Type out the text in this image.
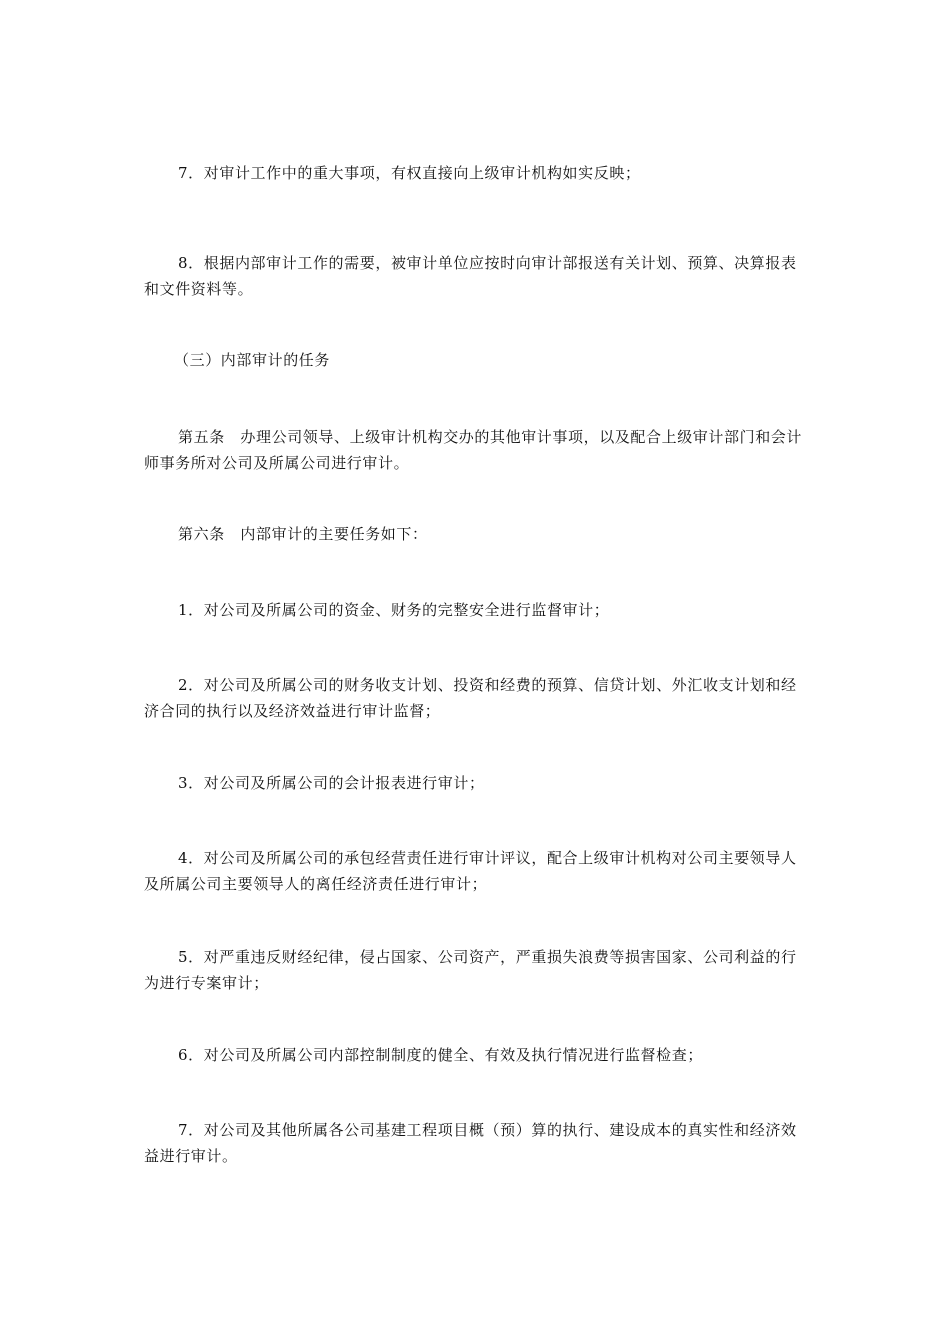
7．对审计工作中的重大事项，有权直接向上级审计机构如实反映；

8．根据内部审计工作的需要，被审计单位应按时向审计部报送有关计划、预算、决算报表和文件资料等。

（三）内部审计的任务

第五条　办理公司领导、上级审计机构交办的其他审计事项，以及配合上级审计部门和会计师事务所对公司及所属公司进行审计。

第六条　内部审计的主要任务如下：

1．对公司及所属公司的资金、财务的完整安全进行监督审计；

2．对公司及所属公司的财务收支计划、投资和经费的预算、信贷计划、外汇收支计划和经济合同的执行以及经济效益进行审计监督；

3．对公司及所属公司的会计报表进行审计；

4．对公司及所属公司的承包经营责任进行审计评议，配合上级审计机构对公司主要领导人及所属公司主要领导人的离任经济责任进行审计；

5．对严重违反财经纪律，侵占国家、公司资产，严重损失浪费等损害国家、公司利益的行为进行专案审计；

6．对公司及所属公司内部控制制度的健全、有效及执行情况进行监督检查；

7．对公司及其他所属各公司基建工程项目概（预）算的执行、建设成本的真实性和经济效益进行审计。
